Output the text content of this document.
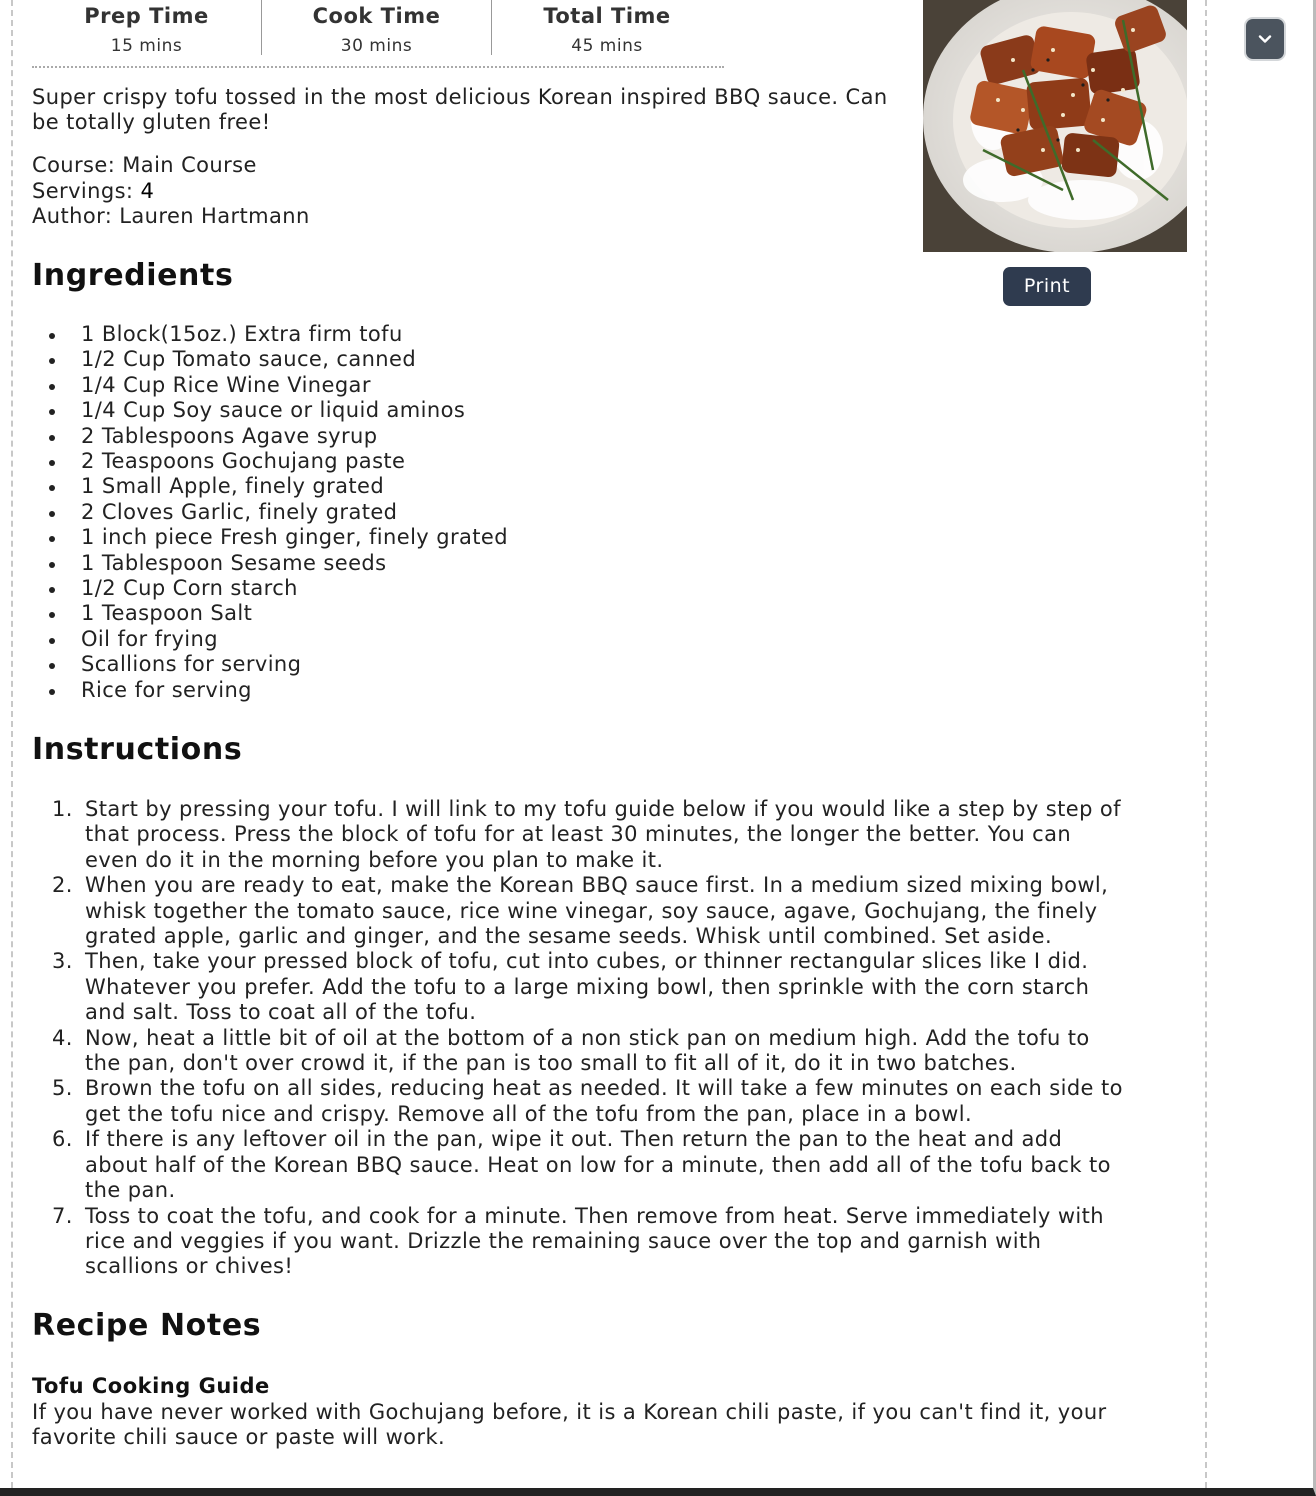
Prep Time
15 mins
Cook Time
30 mins
Total Time
45 mins
Super crispy tofu tossed in the most delicious Korean inspired BBQ sauce. Can be totally gluten free!
Course: Main Course
Servings: 4
Author: Lauren Hartmann
Ingredients
1 Block(15oz.) Extra firm tofu
1/2 Cup Tomato sauce, canned
1/4 Cup Rice Wine Vinegar
1/4 Cup Soy sauce or liquid aminos
2 Tablespoons Agave syrup
2 Teaspoons Gochujang paste
1 Small Apple, finely grated
2 Cloves Garlic, finely grated
1 inch piece Fresh ginger, finely grated
1 Tablespoon Sesame seeds
1/2 Cup Corn starch
1 Teaspoon Salt
Oil for frying
Scallions for serving
Rice for serving
Instructions
1. Start by pressing your tofu. I will link to my tofu guide below if you would like a step by step of
that process. Press the block of tofu for at least 30 minutes, the longer the better. You can
even do it in the morning before you plan to make it.
2. When you are ready to eat, make the Korean BBQ sauce first. In a medium sized mixing bowl,
whisk together the tomato sauce, rice wine vinegar, soy sauce, agave, Gochujang, the finely
grated apple, garlic and ginger, and the sesame seeds. Whisk until combined. Set aside.
3. Then, take your pressed block of tofu, cut into cubes, or thinner rectangular slices like I did.
Whatever you prefer. Add the tofu to a large mixing bowl, then sprinkle with the corn starch
and salt. Toss to coat all of the tofu.
4. Now, heat a little bit of oil at the bottom of a non stick pan on medium high. Add the tofu to
the pan, don't over crowd it, if the pan is too small to fit all of it, do it in two batches.
5. Brown the tofu on all sides, reducing heat as needed. It will take a few minutes on each side to
get the tofu nice and crispy. Remove all of the tofu from the pan, place in a bowl.
6. If there is any leftover oil in the pan, wipe it out. Then return the pan to the heat and add
about half of the Korean BBQ sauce. Heat on low for a minute, then add all of the tofu back to
the pan.
7. Toss to coat the tofu, and cook for a minute. Then remove from heat. Serve immediately with
rice and veggies if you want. Drizzle the remaining sauce over the top and garnish with
scallions or chives!
Recipe Notes
Tofu Cooking Guide
If you have never worked with Gochujang before, it is a Korean chili paste, if you can't find it, your
favorite chili sauce or paste will work.
Print
